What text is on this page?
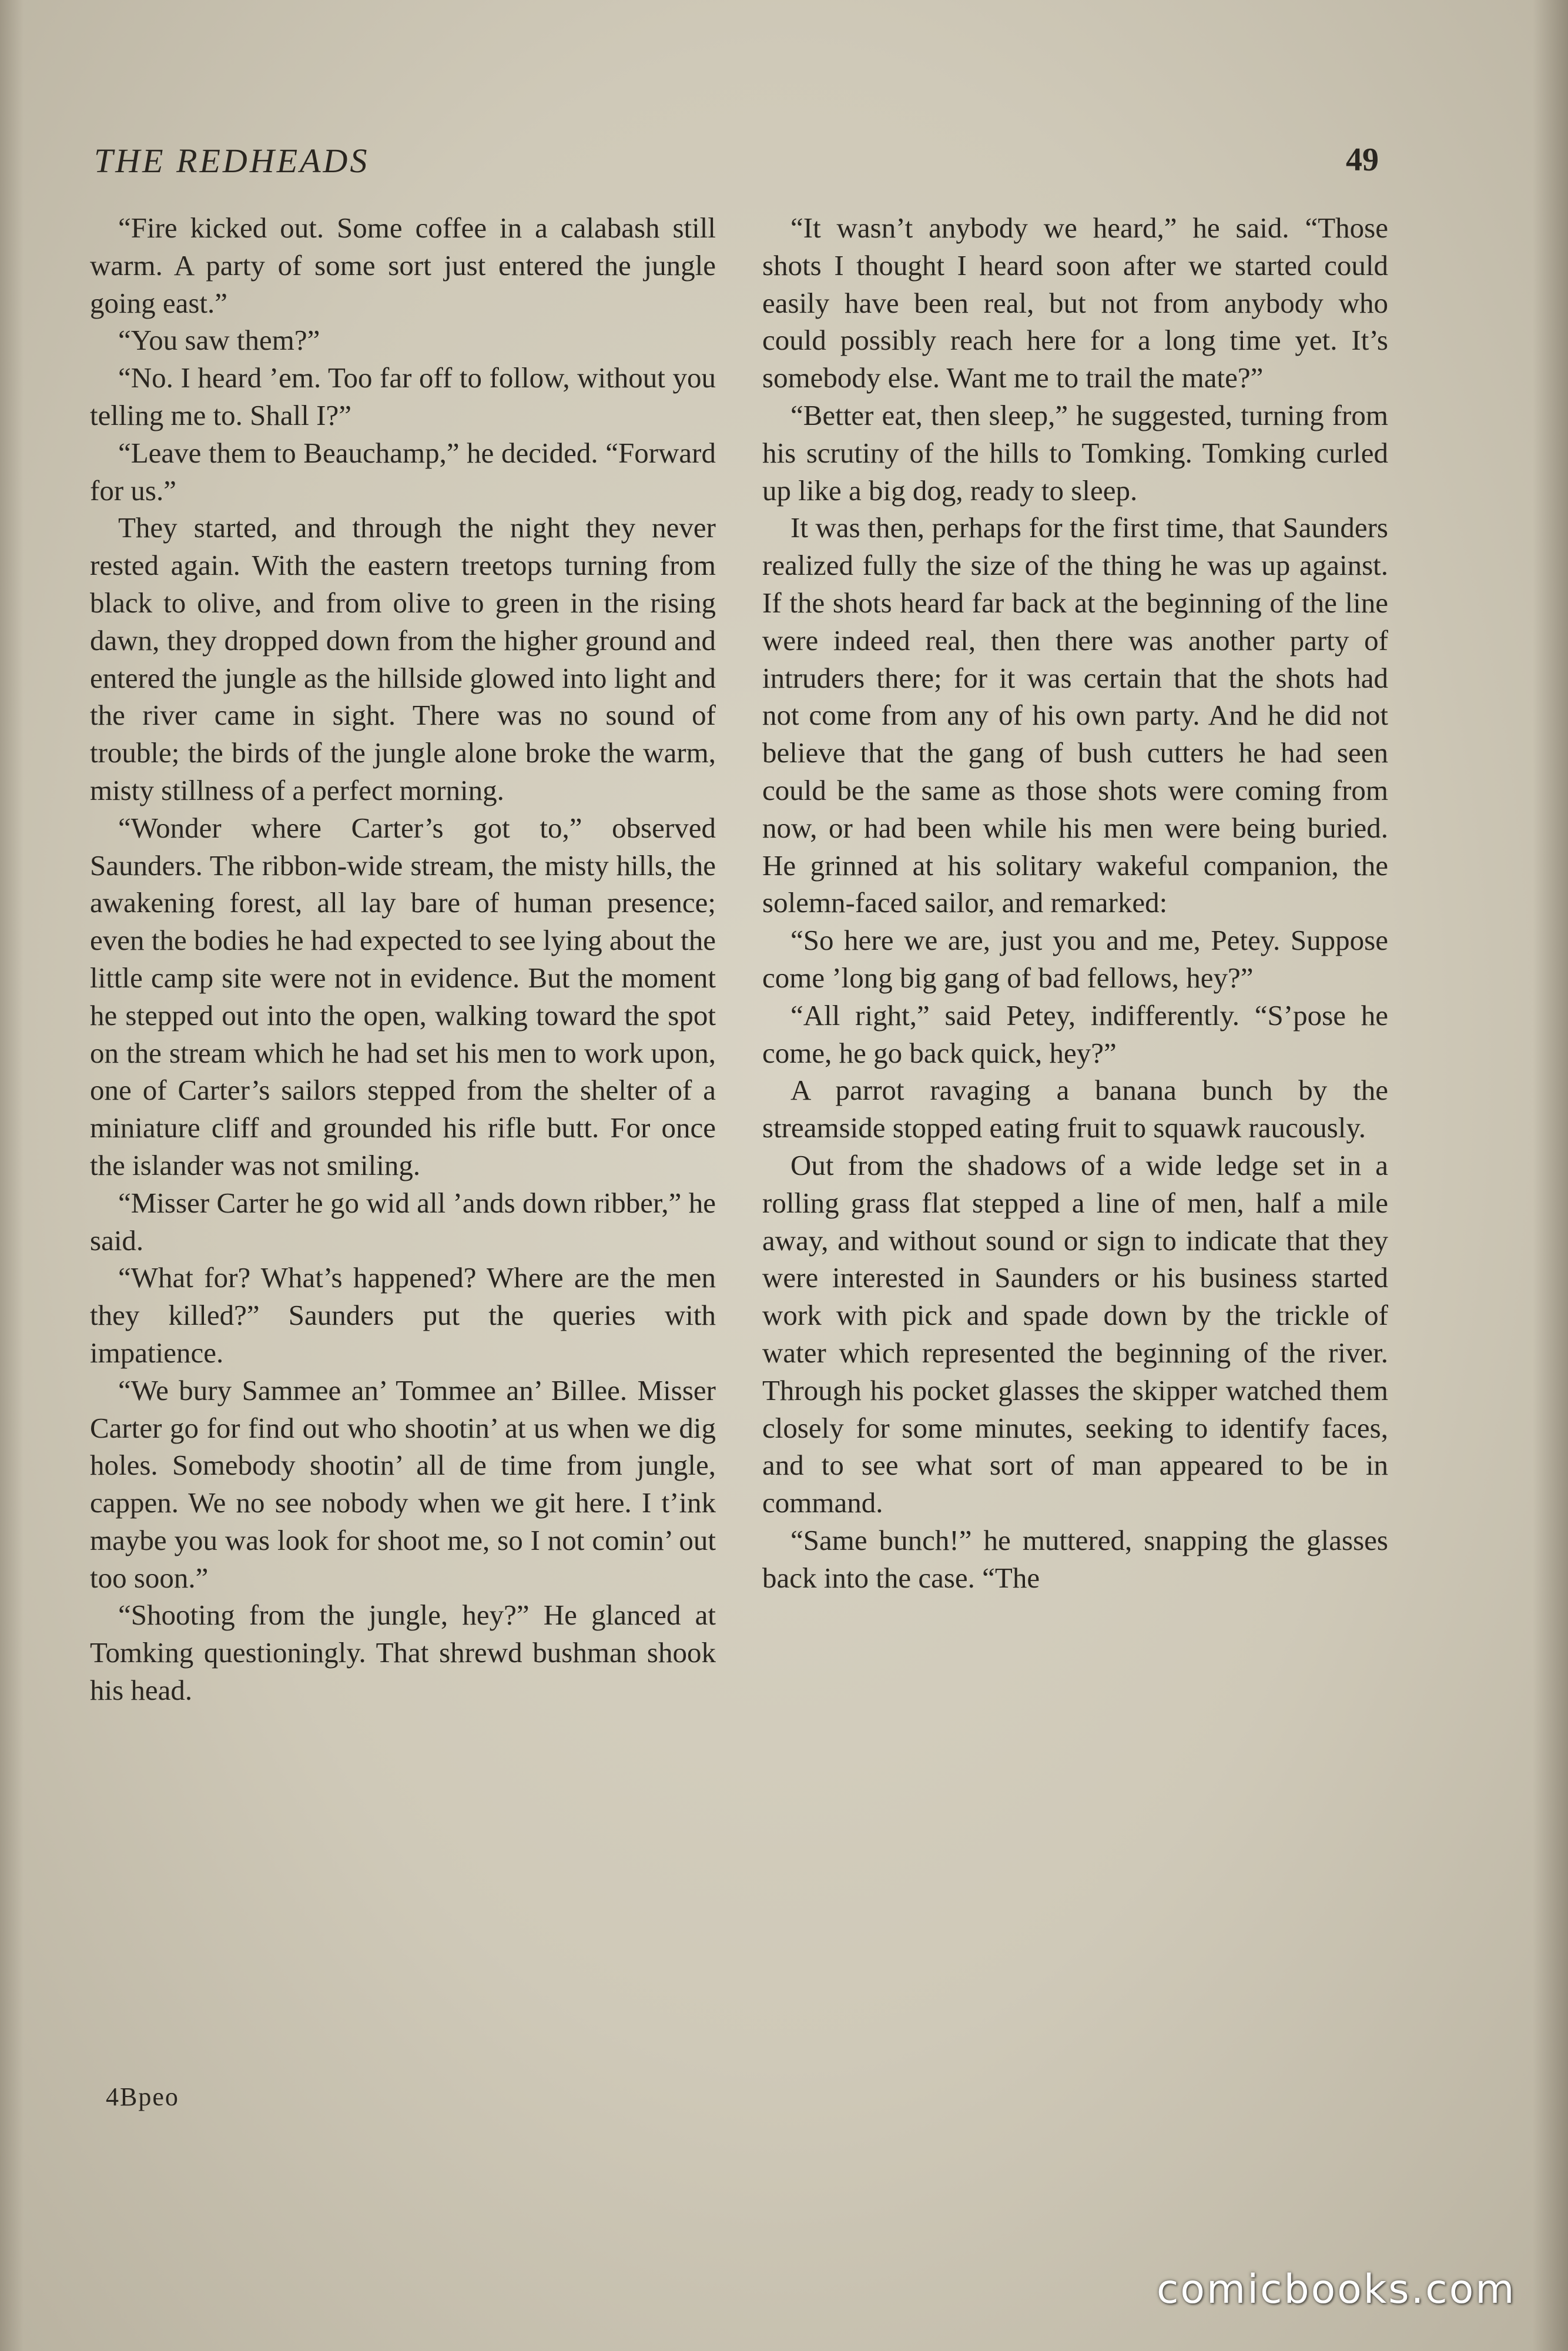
THE REDHEADS	49

“Fire kicked out. Some coffee in a calabash still warm. A party of some sort just entered the jungle going east.”

“You saw them?”

“No. I heard ’em. Too far off to follow, without you telling me to. Shall I?”

“Leave them to Beauchamp,” he decided. “Forward for us.”

They started, and through the night they never rested again. With the eastern treetops turning from black to olive, and from olive to green in the rising dawn, they dropped down from the higher ground and entered the jungle as the hillside glowed into light and the river came in sight. There was no sound of trouble; the birds of the jungle alone broke the warm, misty stillness of a perfect morning.

“Wonder where Carter’s got to,” observed Saunders. The ribbon-wide stream, the misty hills, the awakening forest, all lay bare of human presence; even the bodies he had expected to see lying about the little camp site were not in evidence. But the moment he stepped out into the open, walking toward the spot on the stream which he had set his men to work upon, one of Carter’s sailors stepped from the shelter of a miniature cliff and grounded his rifle butt. For once the islander was not smiling.

“Misser Carter he go wid all ’ands down ribber,” he said.

“What for? What’s happened? Where are the men they killed?” Saunders put the queries with impatience.

“We bury Sammee an’ Tommee an’ Billee. Misser Carter go for find out who shootin’ at us when we dig holes. Somebody shootin’ all de time from jungle, cappen. We no see nobody when we git here. I t’ink maybe you was look for shoot me, so I not comin’ out too soon.”

“Shooting from the jungle, hey?” He glanced at Tomking questioningly. That shrewd bushman shook his head.

“It wasn’t anybody we heard,” he said. “Those shots I thought I heard soon after we started could easily have been real, but not from anybody who could possibly reach here for a long time yet. It’s somebody else. Want me to trail the mate?”

“Better eat, then sleep,” he suggested, turning from his scrutiny of the hills to Tomking. Tomking curled up like a big dog, ready to sleep.

It was then, perhaps for the first time, that Saunders realized fully the size of the thing he was up against. If the shots heard far back at the beginning of the line were indeed real, then there was another party of intruders there; for it was certain that the shots had not come from any of his own party. And he did not believe that the gang of bush cutters he had seen could be the same as those shots were coming from now, or had been while his men were being buried. He grinned at his solitary wakeful companion, the solemn-faced sailor, and remarked:

“So here we are, just you and me, Petey. Suppose come ’long big gang of bad fellows, hey?”

“All right,” said Petey, indifferently. “S’pose he come, he go back quick, hey?”

A parrot ravaging a banana bunch by the streamside stopped eating fruit to squawk raucously.

Out from the shadows of a wide ledge set in a rolling grass flat stepped a line of men, half a mile away, and without sound or sign to indicate that they were interested in Saunders or his business started work with pick and spade down by the trickle of water which represented the beginning of the river. Through his pocket glasses the skipper watched them closely for some minutes, seeking to identify faces, and to see what sort of man appeared to be in command.

“Same bunch!” he muttered, snapping the glasses back into the case. “The

4Bpeo
comicbooks.com
